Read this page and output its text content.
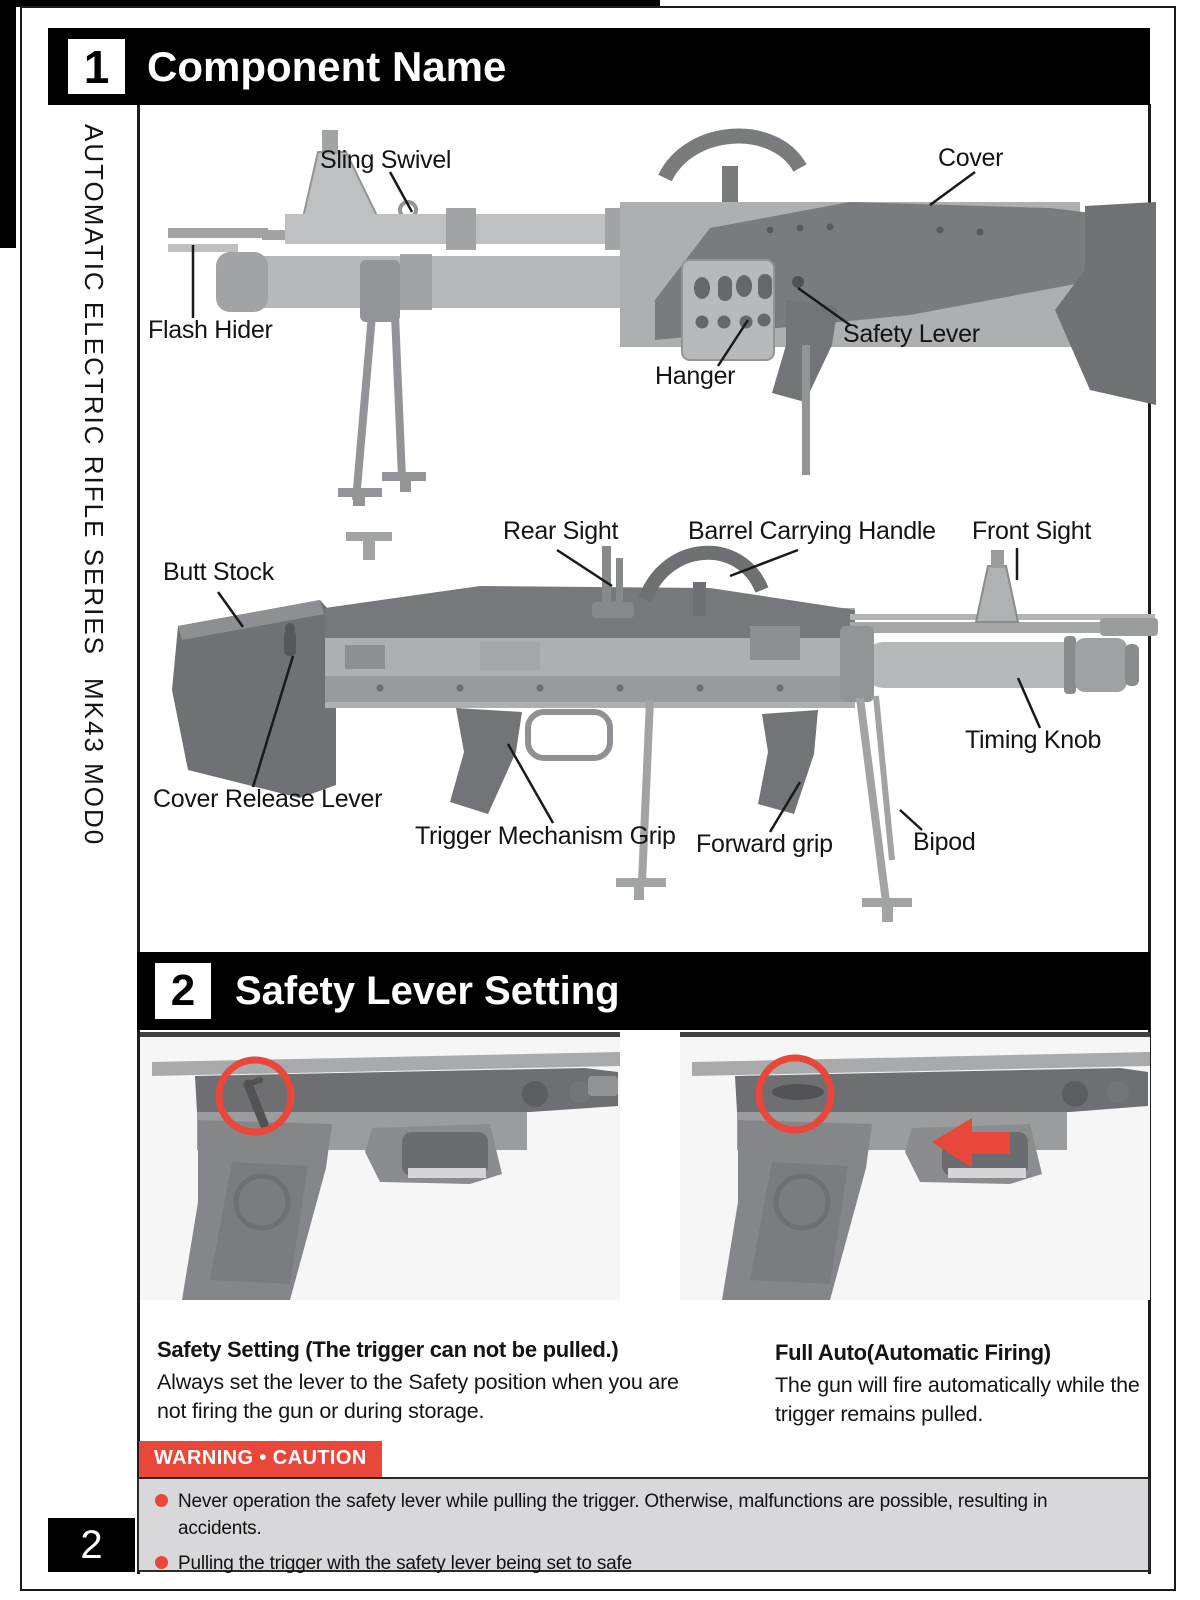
1 Component Name
AUTOMATIC ELECTRIC RIFLE SERIES
MK43 MOD0
Sling Swivel	Cover
Flash Hider	Safety Lever
Hanger
Rear Sight	Barrel Carrying Handle Front Sight
Butt Stock
Timing Knob
Cover Release Lever
Trigger Mechanism Grip Forward grip	Bipod
2 Safety Lever Setting

Safety Setting (The trigger can not be pulled.)

Always set the lever to the Safety position when you are not firing the gun or during storage.

Full Auto(Automatic Firing)

The gun will fire automatically while the trigger remains pulled.

WARNING • CAUTION
Never operation the safety lever while pulling the trigger. Otherwise, malfunctions are possible, resulting in accidents.
Pulling the trigger with the safety lever being set to safe
2
